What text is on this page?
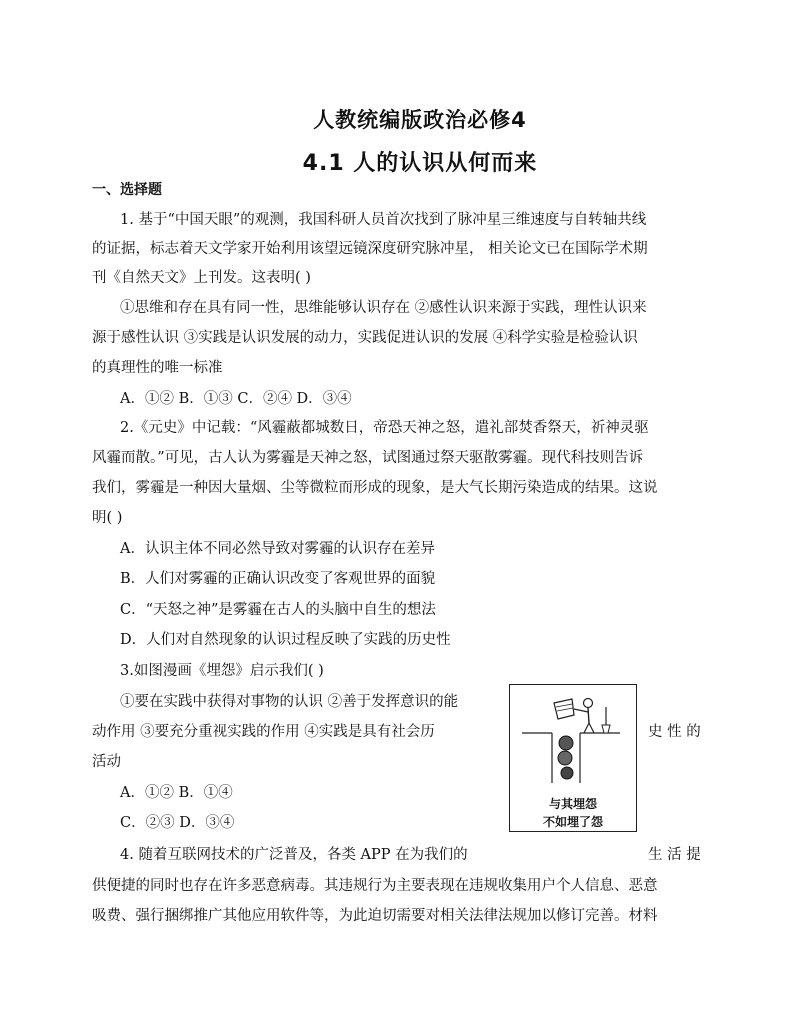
人教统编版政治必修4
4.1 人的认识从何而来
一、选择题
1. 基于“中国天眼”的观测，我国科研人员首次找到了脉冲星三维速度与自转轴共线
的证据，标志着天文学家开始利用该望远镜深度研究脉冲星， 相关论文已在国际学术期
刊《自然天文》上刊发。这表明( )
①思维和存在具有同一性，思维能够认识存在 ②感性认识来源于实践，理性认识来
源于感性认识 ③实践是认识发展的动力，实践促进认识的发展 ④科学实验是检验认识
的真理性的唯一标准
A．①② B．①③ C．②④ D．③④
2.《元史》中记载：“风霾蔽都城数日，帝恐天神之怒，遣礼部焚香祭天，祈神灵驱
风霾而散。”可见，古人认为雾霾是天神之怒，试图通过祭天驱散雾霾。现代科技则告诉
我们，雾霾是一种因大量烟、尘等微粒而形成的现象，是大气长期污染造成的结果。这说
明( )
A．认识主体不同必然导致对雾霾的认识存在差异
B．人们对雾霾的正确认识改变了客观世界的面貌
C．“天怒之神”是雾霾在古人的头脑中自生的想法
D．人们对自然现象的认识过程反映了实践的历史性
3.如图漫画《埋怨》启示我们( )
①要在实践中获得对事物的认识 ②善于发挥意识的能
动作用 ③要充分重视实践的作用 ④实践是具有社会历	史 性 的
活动
A．①② B．①④
C．②③ D．③④
与其埋怨
不如埋了怨
4. 随着互联网技术的广泛普及，各类 APP 在为我们的	生 活 提
供便捷的同时也存在许多恶意病毒。其违规行为主要表现在违规收集用户个人信息、恶意
吸费、强行捆绑推广其他应用软件等，为此迫切需要对相关法律法规加以修订完善。材料
